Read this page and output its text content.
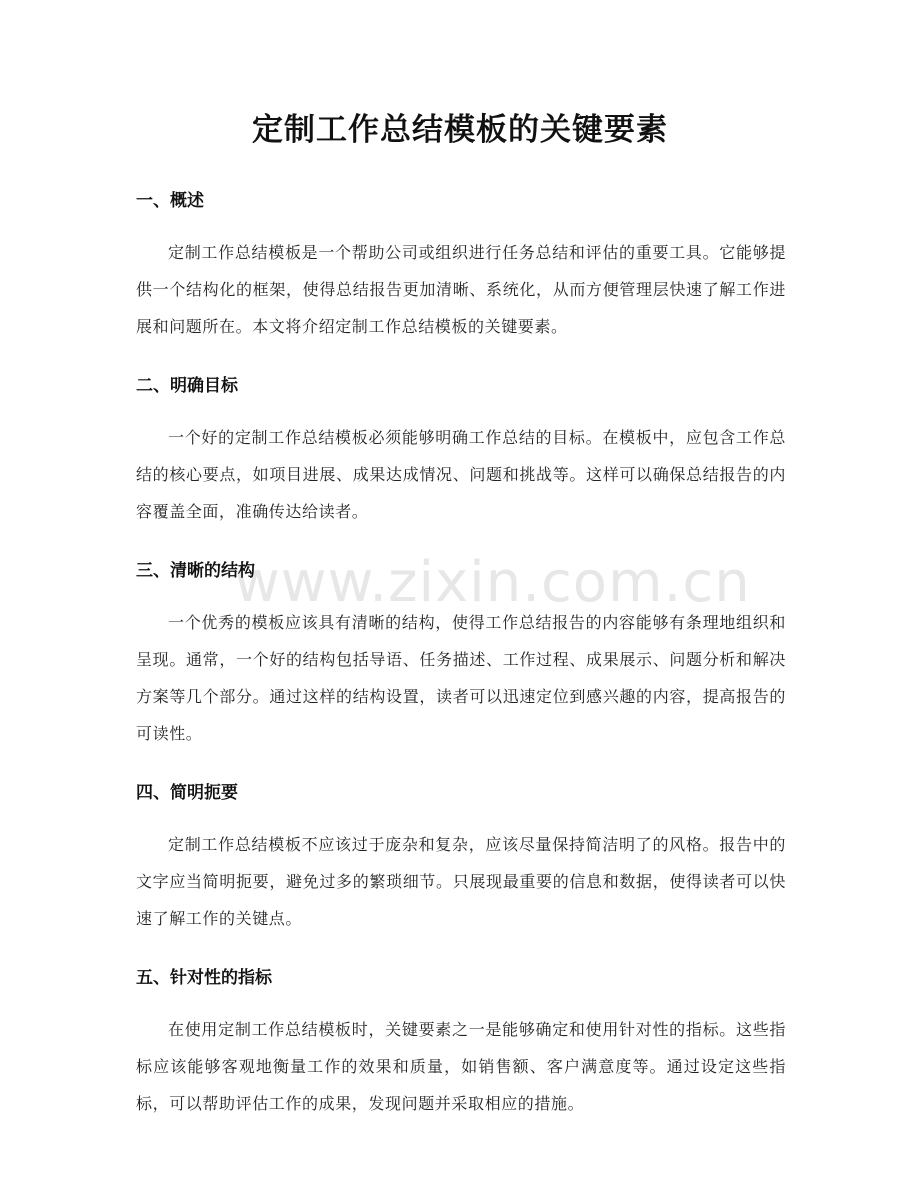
定制工作总结模板的关键要素
www.zixin.com.cn
一、概述

定制工作总结模板是一个帮助公司或组织进行任务总结和评估的重要工具。它能够提供一个结构化的框架，使得总结报告更加清晰、系统化，从而方便管理层快速了解工作进展和问题所在。本文将介绍定制工作总结模板的关键要素。

二、明确目标

一个好的定制工作总结模板必须能够明确工作总结的目标。在模板中，应包含工作总结的核心要点，如项目进展、成果达成情况、问题和挑战等。这样可以确保总结报告的内容覆盖全面，准确传达给读者。

三、清晰的结构

一个优秀的模板应该具有清晰的结构，使得工作总结报告的内容能够有条理地组织和呈现。通常，一个好的结构包括导语、任务描述、工作过程、成果展示、问题分析和解决方案等几个部分。通过这样的结构设置，读者可以迅速定位到感兴趣的内容，提高报告的可读性。

四、简明扼要

定制工作总结模板不应该过于庞杂和复杂，应该尽量保持简洁明了的风格。报告中的文字应当简明扼要，避免过多的繁琐细节。只展现最重要的信息和数据，使得读者可以快速了解工作的关键点。

五、针对性的指标

在使用定制工作总结模板时，关键要素之一是能够确定和使用针对性的指标。这些指标应该能够客观地衡量工作的效果和质量，如销售额、客户满意度等。通过设定这些指标，可以帮助评估工作的成果，发现问题并采取相应的措施。
